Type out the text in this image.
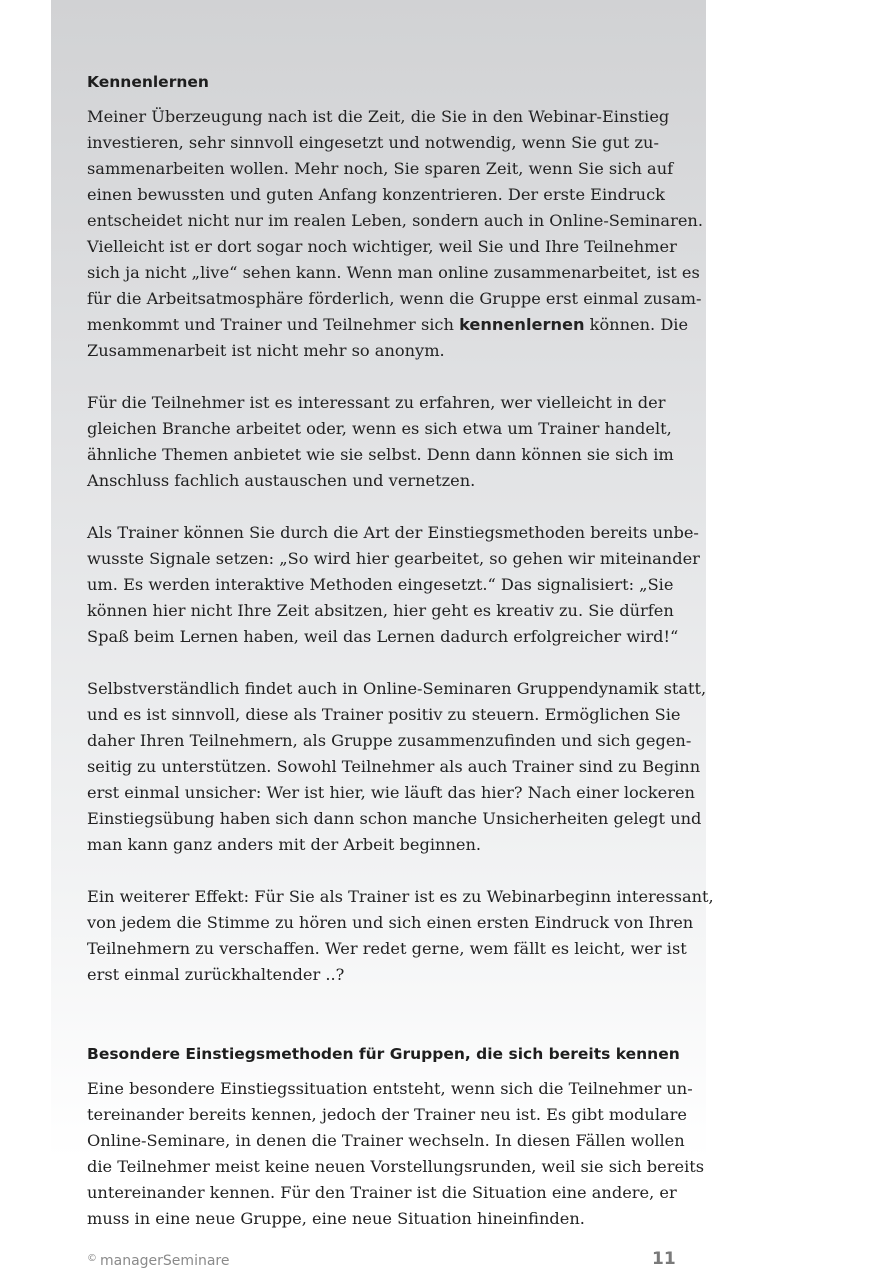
Kennenlernen
Meiner Überzeugung nach ist die Zeit, die Sie in den Webinar-Einstieg
investieren, sehr sinnvoll eingesetzt und notwendig, wenn Sie gut zu-
sammenarbeiten wollen. Mehr noch, Sie sparen Zeit, wenn Sie sich auf
einen bewussten und guten Anfang konzentrieren. Der erste Eindruck
entscheidet nicht nur im realen Leben, sondern auch in Online-Seminaren.
Vielleicht ist er dort sogar noch wichtiger, weil Sie und Ihre Teilnehmer
sich ja nicht „live“ sehen kann. Wenn man online zusammenarbeitet, ist es
für die Arbeitsatmosphäre förderlich, wenn die Gruppe erst einmal zusam-
menkommt und Trainer und Teilnehmer sich kennenlernen können. Die
Zusammenarbeit ist nicht mehr so anonym.
Für die Teilnehmer ist es interessant zu erfahren, wer vielleicht in der
gleichen Branche arbeitet oder, wenn es sich etwa um Trainer handelt,
ähnliche Themen anbietet wie sie selbst. Denn dann können sie sich im
Anschluss fachlich austauschen und vernetzen.
Als Trainer können Sie durch die Art der Einstiegsmethoden bereits unbe-
wusste Signale setzen: „So wird hier gearbeitet, so gehen wir miteinander
um. Es werden interaktive Methoden eingesetzt.“ Das signalisiert: „Sie
können hier nicht Ihre Zeit absitzen, hier geht es kreativ zu. Sie dürfen
Spaß beim Lernen haben, weil das Lernen dadurch erfolgreicher wird!“
Selbstverständlich findet auch in Online-Seminaren Gruppendynamik statt,
und es ist sinnvoll, diese als Trainer positiv zu steuern. Ermöglichen Sie
daher Ihren Teilnehmern, als Gruppe zusammenzufinden und sich gegen-
seitig zu unterstützen. Sowohl Teilnehmer als auch Trainer sind zu Beginn
erst einmal unsicher: Wer ist hier, wie läuft das hier? Nach einer lockeren
Einstiegsübung haben sich dann schon manche Unsicherheiten gelegt und
man kann ganz anders mit der Arbeit beginnen.
Ein weiterer Effekt: Für Sie als Trainer ist es zu Webinarbeginn interessant,
von jedem die Stimme zu hören und sich einen ersten Eindruck von Ihren
Teilnehmern zu verschaffen. Wer redet gerne, wem fällt es leicht, wer ist
erst einmal zurückhaltender ..?
Besondere Einstiegsmethoden für Gruppen, die sich bereits kennen
Eine besondere Einstiegssituation entsteht, wenn sich die Teilnehmer un-
tereinander bereits kennen, jedoch der Trainer neu ist. Es gibt modulare
Online-Seminare, in denen die Trainer wechseln. In diesen Fällen wollen
die Teilnehmer meist keine neuen Vorstellungsrunden, weil sie sich bereits
untereinander kennen. Für den Trainer ist die Situation eine andere, er
muss in eine neue Gruppe, eine neue Situation hineinfinden.
© managerSeminare	11
